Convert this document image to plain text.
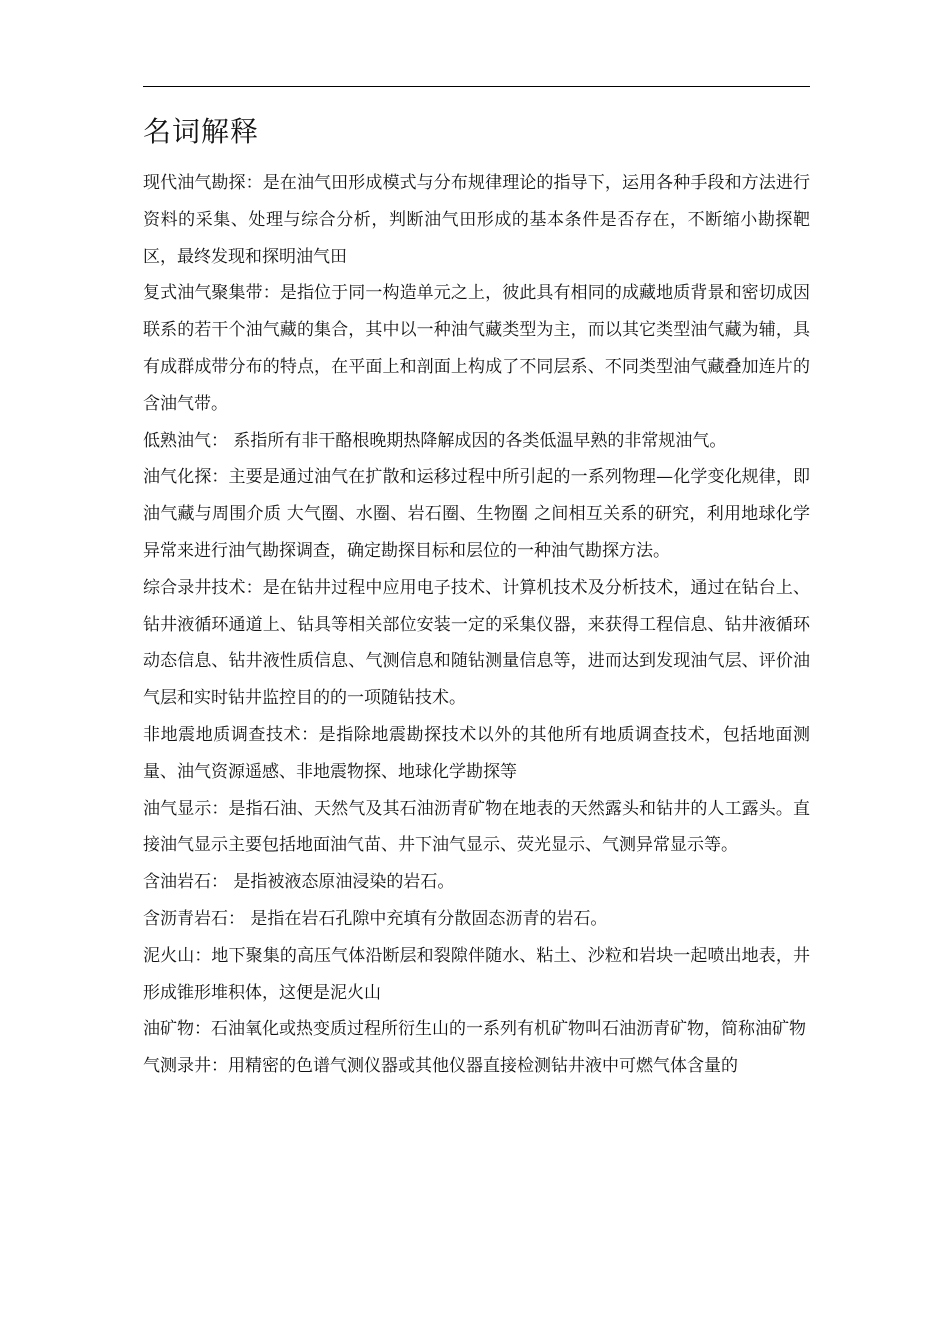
名词解释
现代油气勘探：是在油气田形成模式与分布规律理论的指导下，运用各种手段和方法进行资料的采集、处理与综合分析，判断油气田形成的基本条件是否存在，不断缩小勘探靶区，最终发现和探明油气田
复式油气聚集带：是指位于同一构造单元之上，彼此具有相同的成藏地质背景和密切成因联系的若干个油气藏的集合，其中以一种油气藏类型为主，而以其它类型油气藏为辅，具有成群成带分布的特点，在平面上和剖面上构成了不同层系、不同类型油气藏叠加连片的含油气带。
低熟油气： 系指所有非干酪根晚期热降解成因的各类低温早熟的非常规油气。
油气化探：主要是通过油气在扩散和运移过程中所引起的一系列物理—化学变化规律，即油气藏与周围介质 大气圈、水圈、岩石圈、生物圈 之间相互关系的研究，利用地球化学异常来进行油气勘探调查，确定勘探目标和层位的一种油气勘探方法。
综合录井技术：是在钻井过程中应用电子技术、计算机技术及分析技术，通过在钻台上、钻井液循环通道上、钻具等相关部位安装一定的采集仪器，来获得工程信息、钻井液循环动态信息、钻井液性质信息、气测信息和随钻测量信息等，进而达到发现油气层、评价油气层和实时钻井监控目的的一项随钻技术。
非地震地质调查技术：是指除地震勘探技术以外的其他所有地质调查技术，包括地面测量、油气资源遥感、非地震物探、地球化学勘探等
油气显示：是指石油、天然气及其石油沥青矿物在地表的天然露头和钻井的人工露头。直接油气显示主要包括地面油气苗、井下油气显示、荧光显示、气测异常显示等。
含油岩石： 是指被液态原油浸染的岩石。
含沥青岩石： 是指在岩石孔隙中充填有分散固态沥青的岩石。
泥火山：地下聚集的高压气体沿断层和裂隙伴随水、粘土、沙粒和岩块一起喷出地表，井形成锥形堆积体，这便是泥火山
油矿物：石油氧化或热变质过程所衍生山的一系列有机矿物叫石油沥青矿物，简称油矿物
气测录井：用精密的色谱气测仪器或其他仪器直接检测钻井液中可燃气体含量的
